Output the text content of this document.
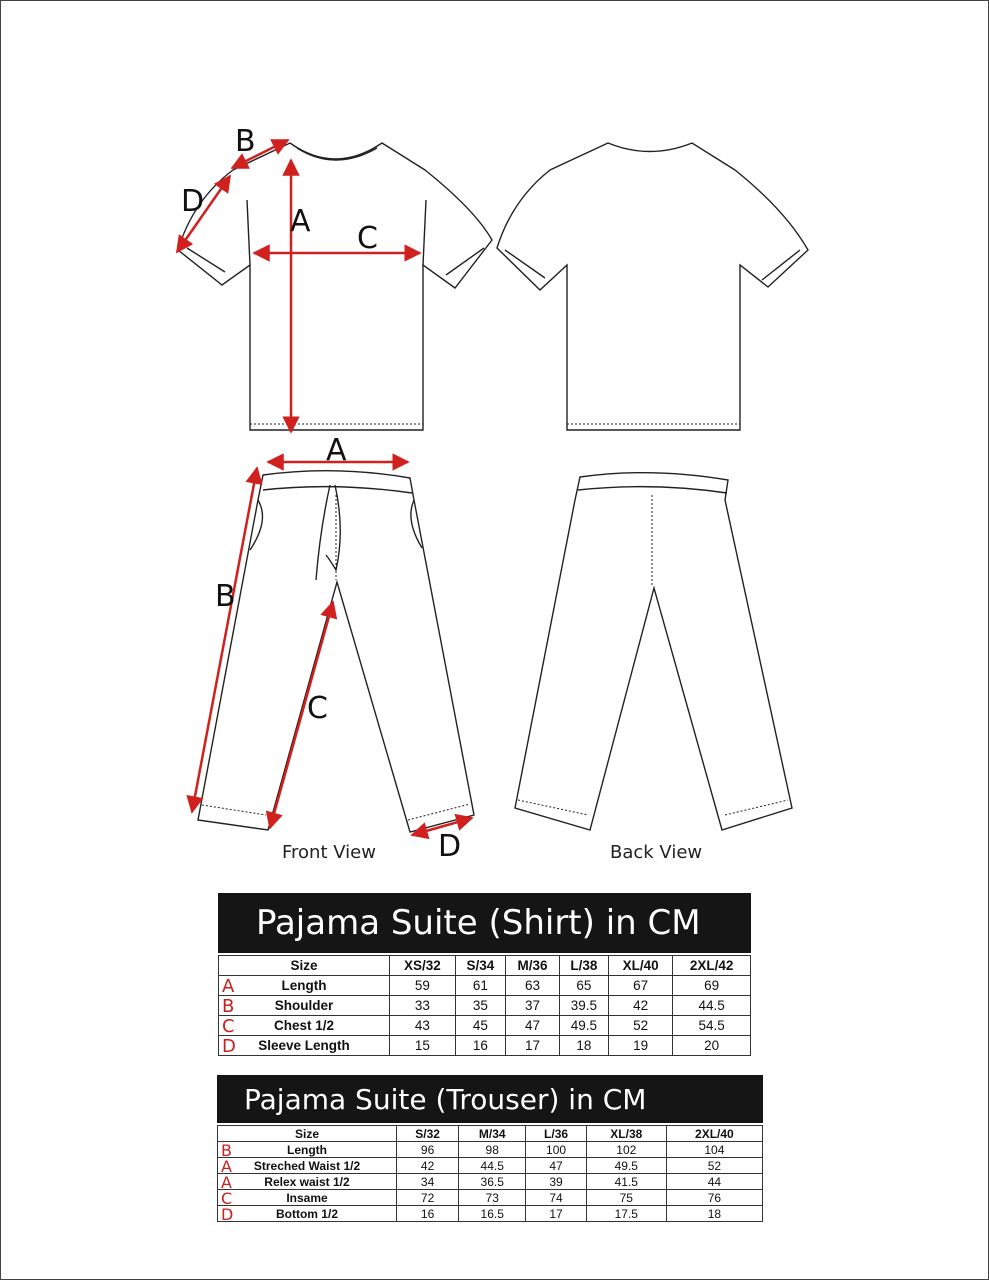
B
D
A C
A
B
C
D
Front View	Back View
Pajama Suite (Shirt) in CM
Size	XS/32	S/34	M/36	L/38	XL/40	2XL/42

A Length	59	61	63	65	67	69

B Shoulder	33	35	37	39.5	42	44.5

C Chest 1/2	43	45	47	49.5	52	54.5

D Sleeve Length	15	16	17	18	19	20
Pajama Suite (Trouser) in CM
Size	S/32	M/34	L/36	XL/38	2XL/40

B Length	96	98	100	102	104

A Streched Waist 1/2	42	44.5	47	49.5	52

A Relex waist 1/2	34	36.5	39	41.5	44

C Insame	72	73	74	75	76

D Bottom 1/2	16	16.5	17	17.5	18
